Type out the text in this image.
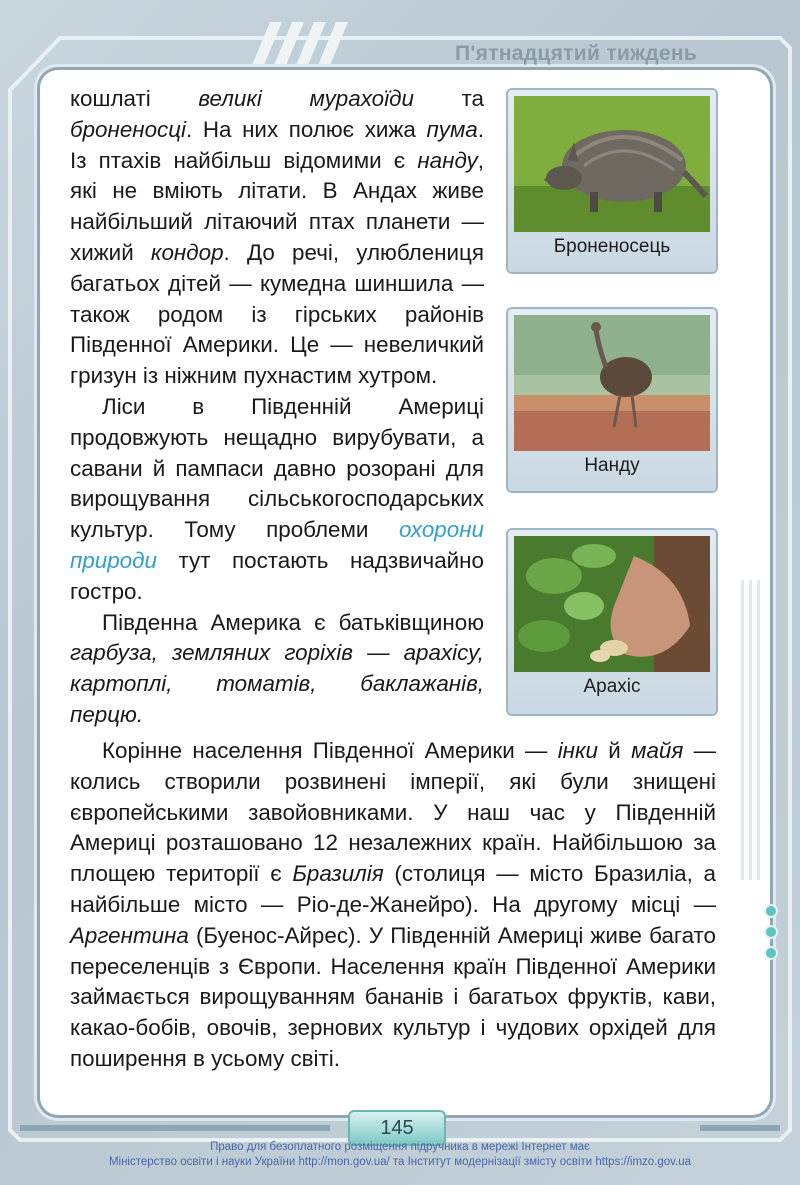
П'ятнадцятий тиждень

кошлаті великі мурахоїди та броненосці. На них полює хижа пума. Із птахів найбільш відомими є нанду, які не вміють літати. В Андах живе найбільший літаючий птах планети — хижий кондор. До речі, улюблениця багатьох дітей — кумедна шиншила — також родом із гірських районів Південної Америки. Це — невеличкий гризун із ніжним пухнастим хутром.

Ліси в Південній Америці продовжують нещадно вирубувати, а савани й пампаси давно розорані для вирощування сільськогосподарських культур. Тому проблеми охорони природи тут постають надзвичайно гостро.

Південна Америка є батьківщиною гарбуза, земляних горіхів — арахісу, картоплі, томатів, баклажанів, перцю.

Корінне населення Південної Америки — інки й майя — колись створили розвинені імперії, які були знищені європейськими завойовниками. У наш час у Південній Америці розташовано 12 незалежних країн. Найбільшою за площею території є Бразилія (столиця — місто Бразиліа, а найбільше місто — Ріо-де-Жанейро). На другому місці — Аргентина (Буенос-Айрес). У Південній Америці живе багато переселенців з Європи. Населення країн Південної Америки займається вирощуванням бананів і багатьох фруктів, кави, какао-бобів, овочів, зернових культур і чудових орхідей для поширення в усьому світі.

Броненосець
Нанду
Арахіс
145
Право для безоплатного розміщення підручника в мережі Інтернет має
Міністерство освіти і науки України http://mon.gov.ua/ та Інститут модернізації змісту освіти https://imzo.gov.ua
